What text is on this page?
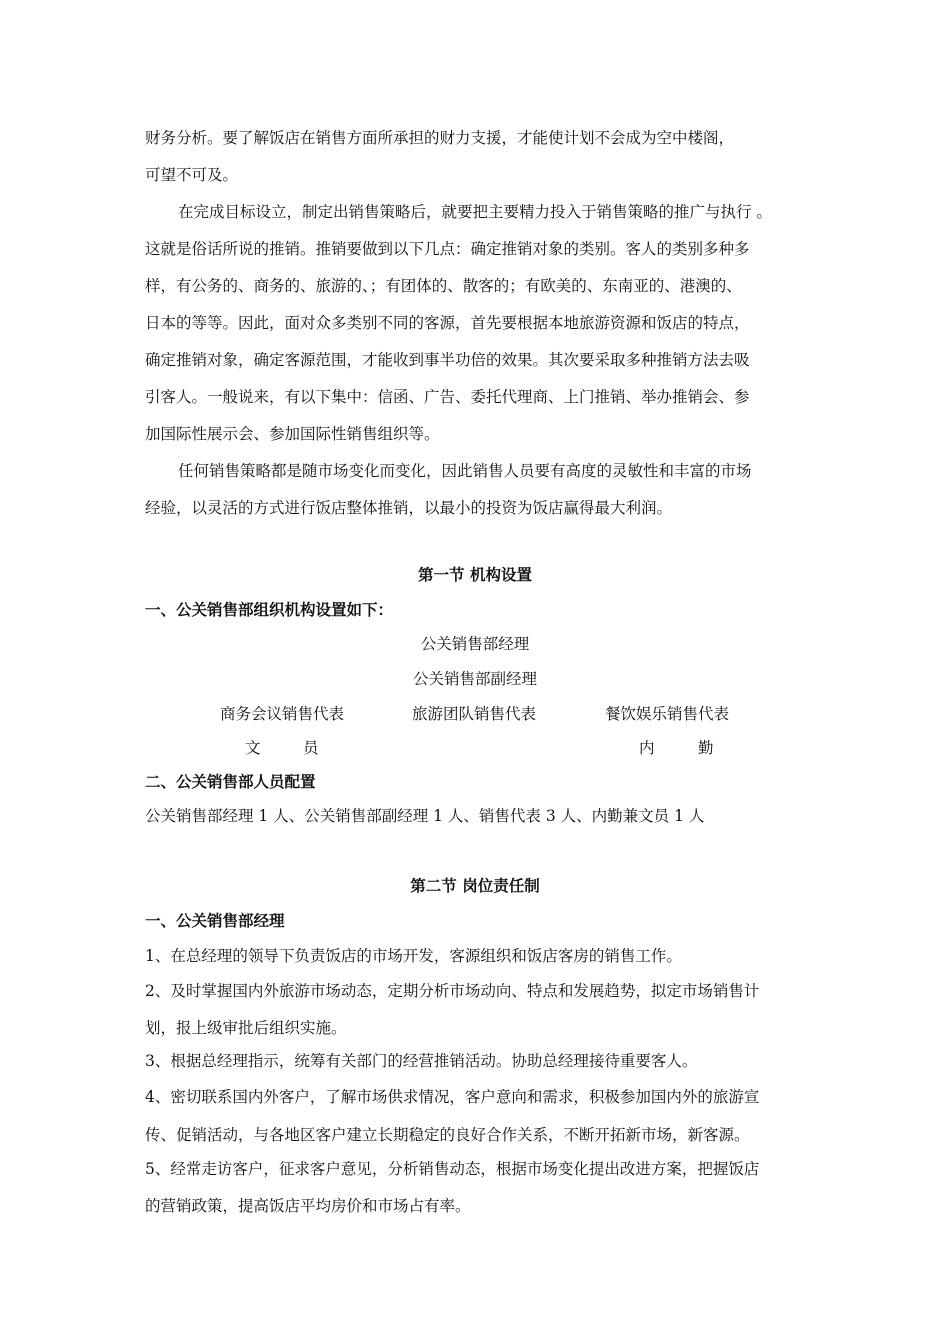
财务分析。要了解饭店在销售方面所承担的财力支援，才能使计划不会成为空中楼阁，
可望不可及。
在完成目标设立，制定出销售策略后，就要把主要精力投入于销售策略的推广与执行 。
这就是俗话所说的推销。推销要做到以下几点：确定推销对象的类别。客人的类别多种多
样，有公务的、商务的、旅游的、；有团体的、散客的；有欧美的、东南亚的、港澳的、
日本的等等。因此，面对众多类别不同的客源，首先要根据本地旅游资源和饭店的特点，
确定推销对象，确定客源范围，才能收到事半功倍的效果。其次要采取多种推销方法去吸
引客人。一般说来，有以下集中：信函、广告、委托代理商、上门推销、举办推销会、参
加国际性展示会、参加国际性销售组织等。
任何销售策略都是随市场变化而变化，因此销售人员要有高度的灵敏性和丰富的市场
经验，以灵活的方式进行饭店整体推销，以最小的投资为饭店赢得最大利润。
第一节 机构设置
一、公关销售部组织机构设置如下：
公关销售部经理
公关销售部副经理
商务会议销售代表	旅游团队销售代表	餐饮娱乐销售代表
文	员	内	勤
二、公关销售部人员配置
公关销售部经理 1 人、公关销售部副经理 1 人、销售代表 3 人、内勤兼文员 1 人
第二节 岗位责任制
一、公关销售部经理
1、在总经理的领导下负责饭店的市场开发，客源组织和饭店客房的销售工作。
2、及时掌握国内外旅游市场动态，定期分析市场动向、特点和发展趋势，拟定市场销售计
划，报上级审批后组织实施。
3、根据总经理指示，统筹有关部门的经营推销活动。协助总经理接待重要客人。
4、密切联系国内外客户，了解市场供求情况，客户意向和需求，积极参加国内外的旅游宣
传、促销活动，与各地区客户建立长期稳定的良好合作关系，不断开拓新市场，新客源。
5、经常走访客户，征求客户意见，分析销售动态，根据市场变化提出改进方案，把握饭店
的营销政策，提高饭店平均房价和市场占有率。
